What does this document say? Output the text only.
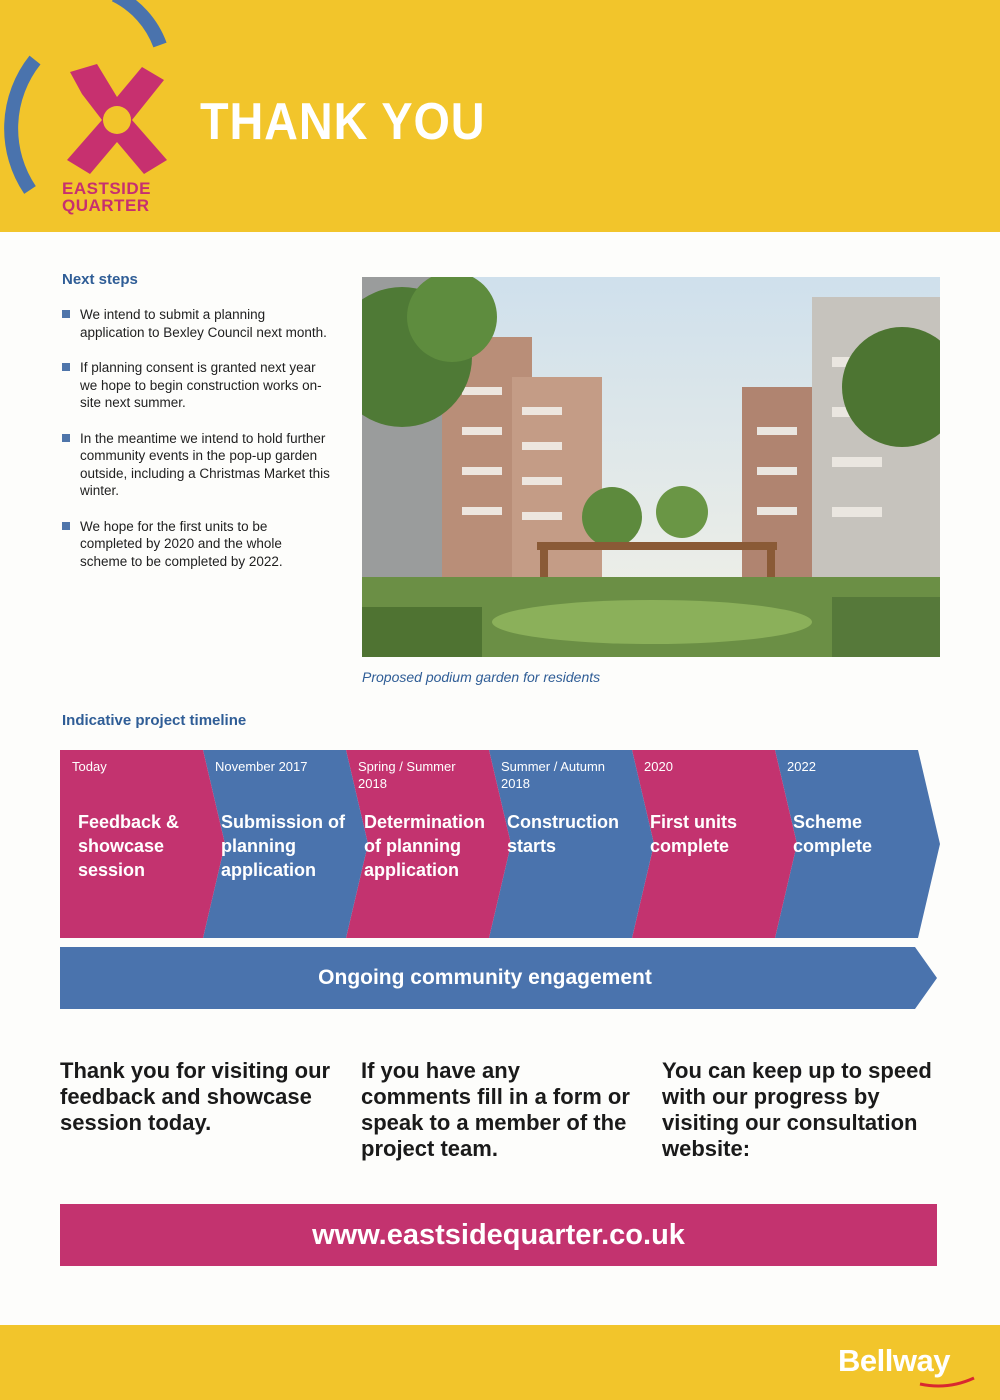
EASTSIDE
QUARTER
THANK YOU
Next steps
We intend to submit a planning application to Bexley Council next month.
If planning consent is granted next year we hope to begin construction works on-site next summer.
In the meantime we intend to hold further community events in the pop-up garden outside, including a Christmas Market this winter.
We hope for the first units to be completed by 2020 and the whole scheme to be completed by 2022.
Proposed podium garden for residents
Indicative project timeline
Today
Feedback & showcase session
November 2017
Submission of planning application
Spring / Summer 2018
Determination of planning application
Summer / Autumn 2018
Construction starts
2020
First units complete
2022
Scheme complete
Ongoing community engagement
Thank you for visiting our feedback and showcase session today.
If you have any comments fill in a form or speak to a member of the project team.
You can keep up to speed with our progress by visiting our consultation website:
www.eastsidequarter.co.uk
Bellway
